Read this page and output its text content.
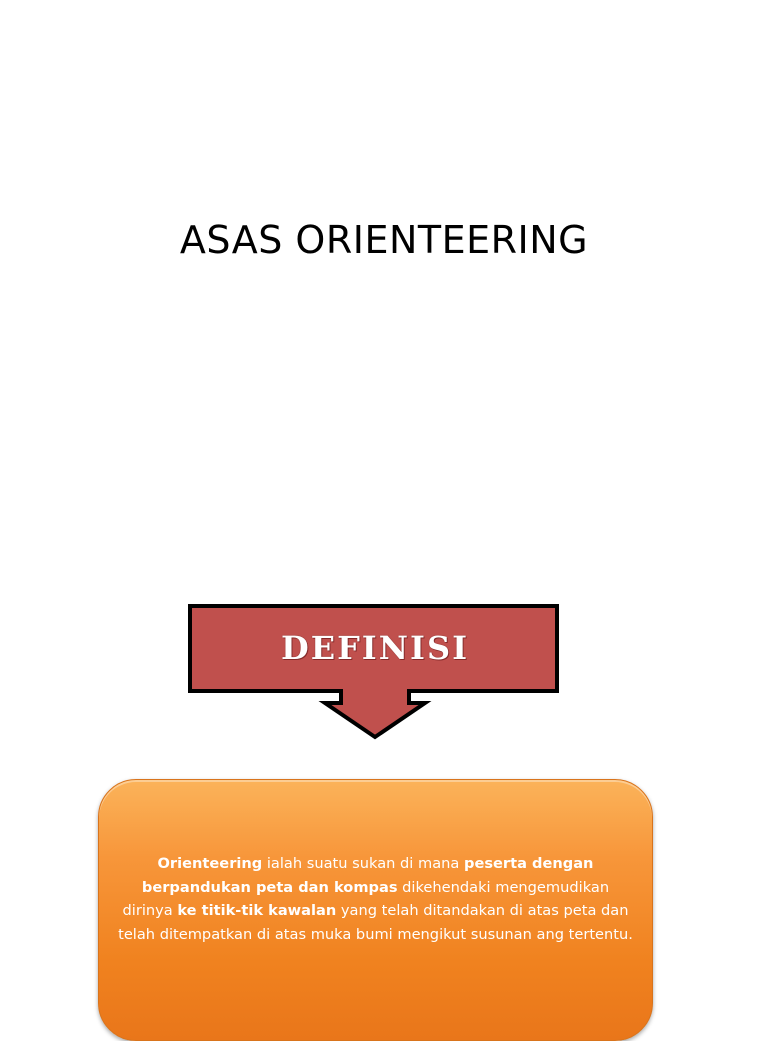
ASAS ORIENTEERING
DEFINISI
Orienteering ialah suatu sukan di mana peserta dengan berpandukan peta dan kompas dikehendaki mengemudikan dirinya ke titik-tik kawalan yang telah ditandakan di atas peta dan telah ditempatkan di atas muka bumi mengikut susunan ang tertentu.
